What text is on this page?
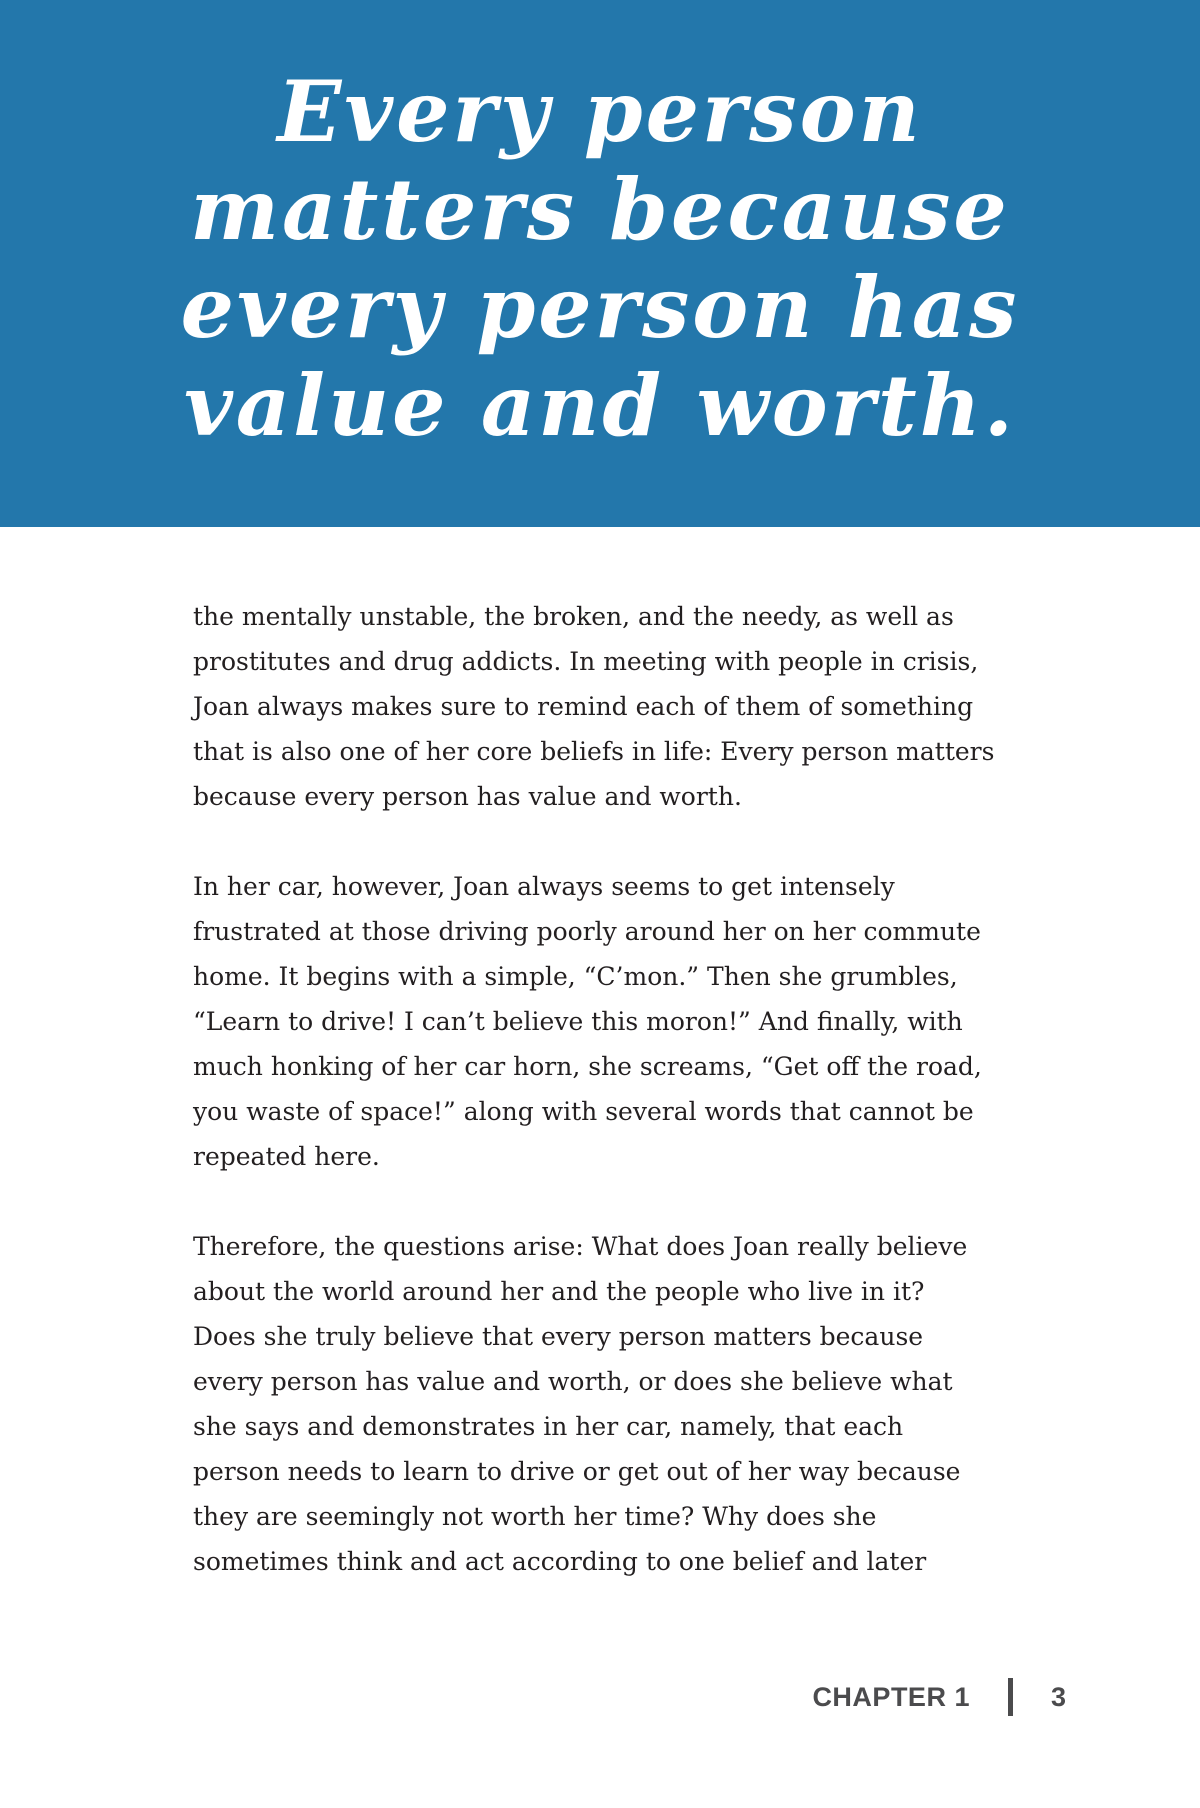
Every person
matters because
every person has
value and worth.

the mentally unstable, the broken, and the needy, as well as
prostitutes and drug addicts. In meeting with people in crisis,
Joan always makes sure to remind each of them of something
that is also one of her core beliefs in life: Every person matters
because every person has value and worth.

In her car, however, Joan always seems to get intensely
frustrated at those driving poorly around her on her commute
home. It begins with a simple, “C’mon.” Then she grumbles,
“Learn to drive! I can’t believe this moron!” And finally, with
much honking of her car horn, she screams, “Get off the road,
you waste of space!” along with several words that cannot be
repeated here.

Therefore, the questions arise: What does Joan really believe
about the world around her and the people who live in it?
Does she truly believe that every person matters because
every person has value and worth, or does she believe what
she says and demonstrates in her car, namely, that each
person needs to learn to drive or get out of her way because
they are seemingly not worth her time? Why does she
sometimes think and act according to one belief and later

CHAPTER 1	3
